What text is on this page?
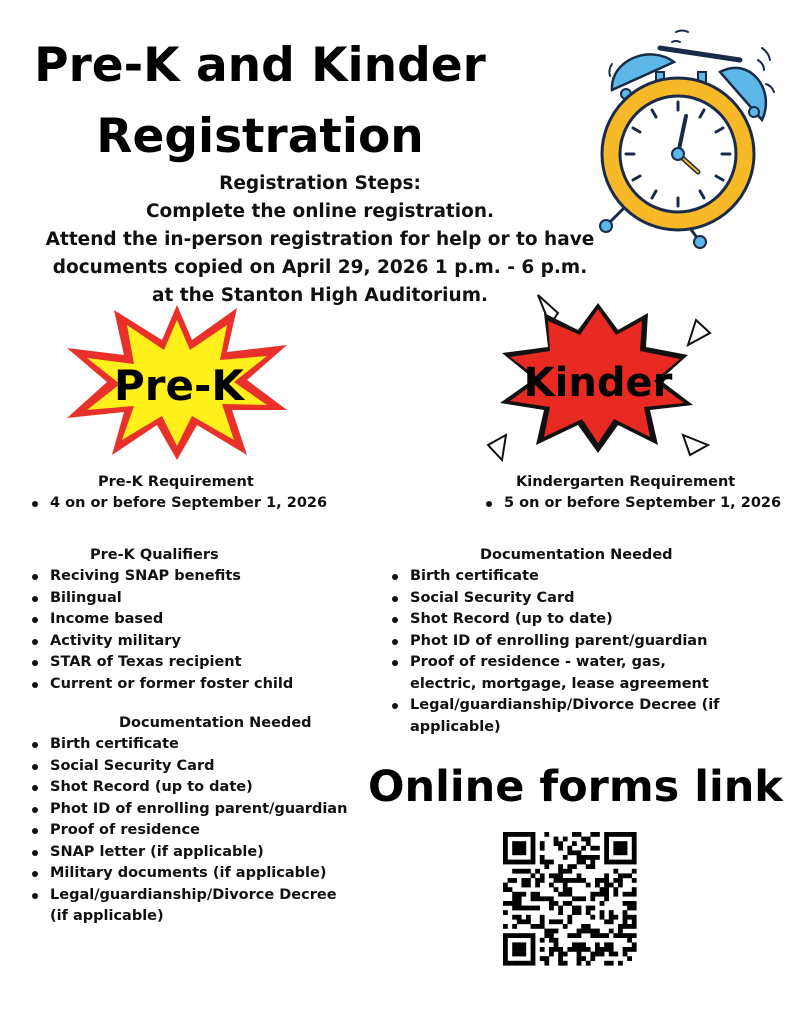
Pre-K and Kinder
Registration
Registration Steps:
Complete the online registration.
Attend the in-person registration for help or to have
documents copied on April 29, 2026 1 p.m. - 6 p.m.
at the Stanton High Auditorium.
Pre-K	Kinder
Pre-K Requirement
4 on or before September 1, 2026
Kindergarten Requirement
5 on or before September 1, 2026
Pre-K Qualifiers
Reciving SNAP benefits
Bilingual
Income based
Activity military
STAR of Texas recipient
Current or former foster child
Documentation Needed
Birth certificate
Social Security Card
Shot Record (up to date)
Phot ID of enrolling parent/guardian
Proof of residence
SNAP letter (if applicable)
Military documents (if applicable)
Legal/guardianship/Divorce Decree (if applicable)
Documentation Needed
Birth certificate
Social Security Card
Shot Record (up to date)
Phot ID of enrolling parent/guardian
Proof of residence - water, gas, electric, mortgage, lease agreement
Legal/guardianship/Divorce Decree (if applicable)
Online forms link
